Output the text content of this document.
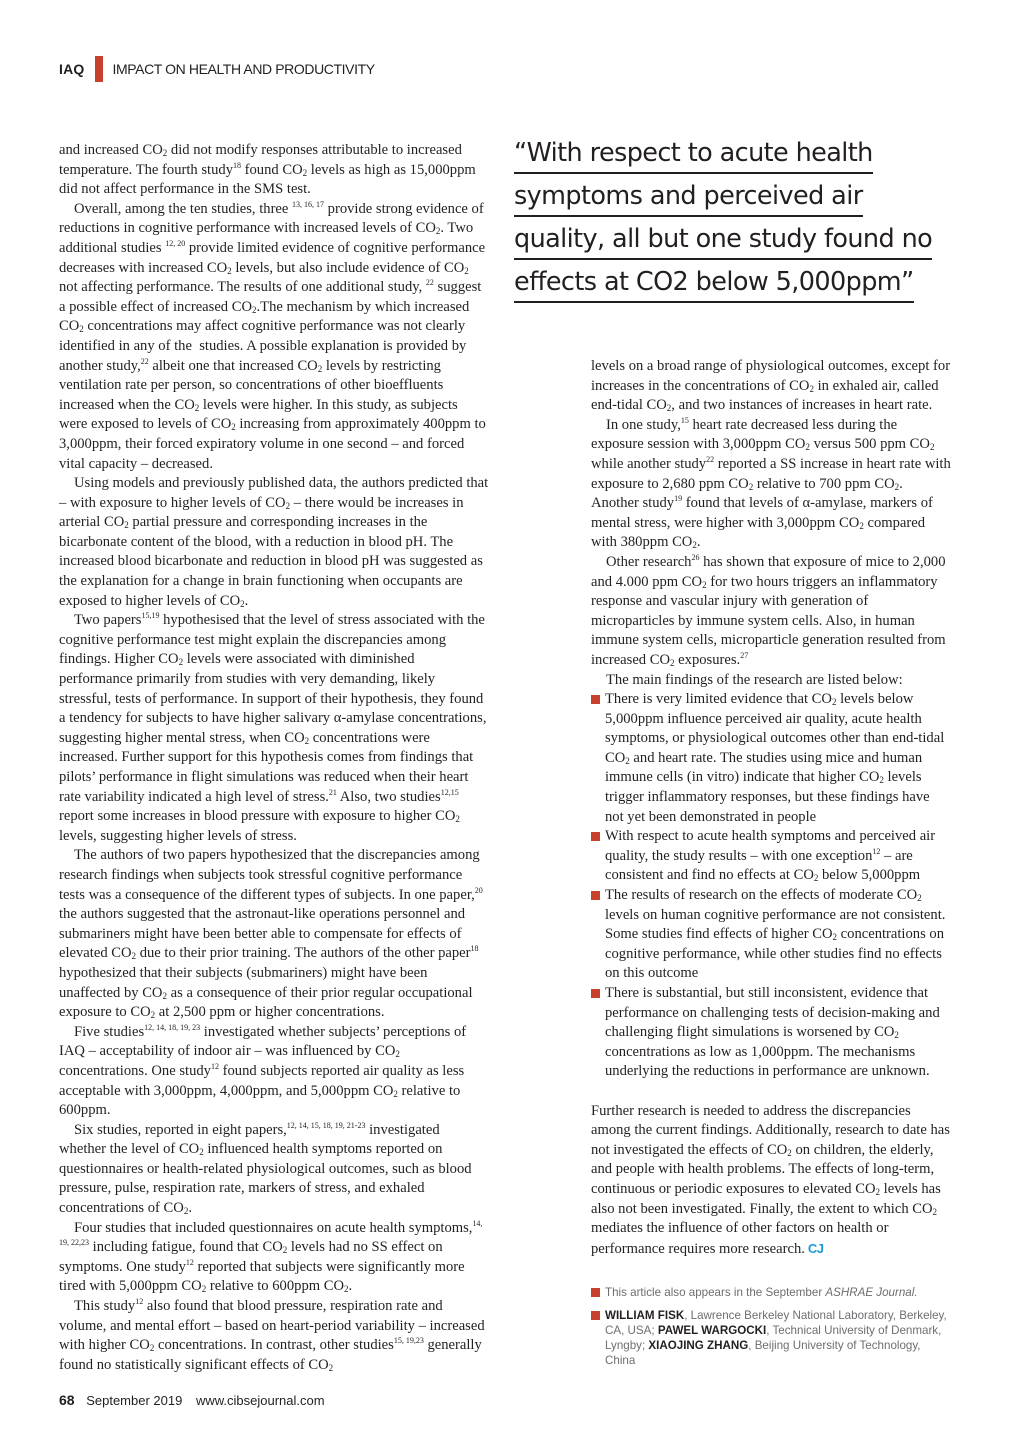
IAQ IMPACT ON HEALTH AND PRODUCTIVITY

and increased $CO_2$ did not modify responses attributable to increased temperature. The fourth study$^{18}$ found $CO_2$ levels as high as 15,000ppm did not affect performance in the SMS test.

Overall, among the ten studies, three $^{13, 16, 17}$ provide strong evidence of reductions in cognitive performance with increased levels of $CO_2$. Two additional studies $^{12, 20}$ provide limited evidence of cognitive performance decreases with increased $CO_2$ levels, but also include evidence of $CO_2$ not affecting performance. The results of one additional study, $^{22}$ suggest a possible effect of increased $CO_2.The$ mechanism by which increased $CO_2$ concentrations may affect cognitive performance was not clearly identified in any of the  studies. A possible explanation is provided by another study,$^{22}$ albeit one that increased $CO_2$ levels by restricting ventilation rate per person, so concentrations of other bioeffluents increased when the $CO_2$ levels were higher. In this study, as subjects were exposed to levels of $CO_2$ increasing from approximately 400ppm to 3,000ppm, their forced expiratory volume in one second – and forced vital capacity – decreased.

Using models and previously published data, the authors predicted that – with exposure to higher levels of $CO_2$ – there would be increases in arterial $CO_2$ partial pressure and corresponding increases in the bicarbonate content of the blood, with a reduction in blood pH. The increased blood bicarbonate and reduction in blood pH was suggested as the explanation for a change in brain functioning when occupants are exposed to higher levels of $CO_2$.

Two papers$^{15,19}$ hypothesised that the level of stress associated with the cognitive performance test might explain the discrepancies among findings. Higher $CO_2$ levels were associated with diminished performance primarily from studies with very demanding, likely stressful, tests of performance. In support of their hypothesis, they found a tendency for subjects to have higher salivary α-amylase concentrations, suggesting higher mental stress, when $CO_2$ concentrations were increased. Further support for this hypothesis comes from findings that pilots’ performance in flight simulations was reduced when their heart rate variability indicated a high level of stress.$^{21}$ Also, two studies$^{12,15}$ report some increases in blood pressure with exposure to higher $CO_2$ levels, suggesting higher levels of stress.

The authors of two papers hypothesized that the discrepancies among research findings when subjects took stressful cognitive performance tests was a consequence of the different types of subjects. In one paper,$^{20}$ the authors suggested that the astronaut-like operations personnel and submariners might have been better able to compensate for effects of elevated $CO_2$ due to their prior training. The authors of the other paper$^{18}$ hypothesized that their subjects (submariners) might have been unaffected by $CO_2$ as a consequence of their prior regular occupational exposure to $CO_2$ at 2,500 ppm or higher concentrations.

Five studies$^{12, 14, 18, 19, 23}$ investigated whether subjects’ perceptions of IAQ – acceptability of indoor air – was influenced by $CO_2$ concentrations. One study$^{12}$ found subjects reported air quality as less acceptable with 3,000ppm, 4,000ppm, and 5,000ppm $CO_2$ relative to 600ppm.

Six studies, reported in eight papers,$^{12, 14, 15, 18, 19, 21-23}$ investigated whether the level of $CO_2$ influenced health symptoms reported on questionnaires or health-related physiological outcomes, such as blood pressure, pulse, respiration rate, markers of stress, and exhaled concentrations of $CO_2$.

Four studies that included questionnaires on acute health symptoms,$^{14, 19, 22,23}$ including fatigue, found that $CO_2$ levels had no SS effect on symptoms. One study$^{12}$ reported that subjects were significantly more tired with 5,000ppm $CO_2$ relative to 600ppm $CO_2$.

This study$^{12}$ also found that blood pressure, respiration rate and volume, and mental effort – based on heart-period variability – increased with higher $CO_2$ concentrations. In contrast, other studies$^{15, 19,23}$ generally found no statistically significant effects of $CO_2$

“With respect to acute health
symptoms and perceived air
quality, all but one study found no
effects at CO2 below 5,000ppm”

levels on a broad range of physiological outcomes, except for increases in the concentrations of $CO_2$ in exhaled air, called end-tidal $CO_2$, and two instances of increases in heart rate.

In one study,$^{15}$ heart rate decreased less during the exposure session with 3,000ppm $CO_2$ versus 500 ppm $CO_2$ while another study$^{22}$ reported a SS increase in heart rate with exposure to 2,680 ppm $CO_2$ relative to 700 ppm $CO_2$. Another study$^{19}$ found that levels of α-amylase, markers of mental stress, were higher with 3,000ppm $CO_2$ compared with 380ppm $CO_2$.

Other research$^{26}$ has shown that exposure of mice to 2,000 and 4.000 ppm $CO_2$ for two hours triggers an inflammatory response and vascular injury with generation of microparticles by immune system cells. Also, in human immune system cells, microparticle generation resulted from increased $CO_2$ exposures.$^{27}$

The main findings of the research are listed below:

There is very limited evidence that $CO_2$ levels below 5,000ppm influence perceived air quality, acute health symptoms, or physiological outcomes other than end-tidal $CO_2$ and heart rate. The studies using mice and human immune cells (in vitro) indicate that higher $CO_2$ levels trigger inflammatory responses, but these findings have not yet been demonstrated in people
With respect to acute health symptoms and perceived air quality, the study results – with one exception$^{12}$ – are consistent and find no effects at $CO_2$ below 5,000ppm
The results of research on the effects of moderate $CO_2$ levels on human cognitive performance are not consistent. Some studies find effects of higher $CO_2$ concentrations on cognitive performance, while other studies find no effects on this outcome
There is substantial, but still inconsistent, evidence that performance on challenging tests of decision-making and challenging flight simulations is worsened by $CO_2$ concentrations as low as 1,000ppm. The mechanisms underlying the reductions in performance are unknown.

Further research is needed to address the discrepancies among the current findings. Additionally, research to date has not investigated the effects of $CO_2$ on children, the elderly, and people with health problems. The effects of long-term, continuous or periodic exposures to elevated $CO_2$ levels has also not been investigated. Finally, the extent to which $CO_2$ mediates the influence of other factors on health or performance requires more research. CJ

This article also appears in the September ASHRAE Journal.
WILLIAM FISK, Lawrence Berkeley National Laboratory, Berkeley, CA, USA; PAWEL WARGOCKI, Technical University of Denmark, Lyngby; XIAOJING ZHANG, Beijing University of Technology, China
68 September 2019 www.cibsejournal.com
